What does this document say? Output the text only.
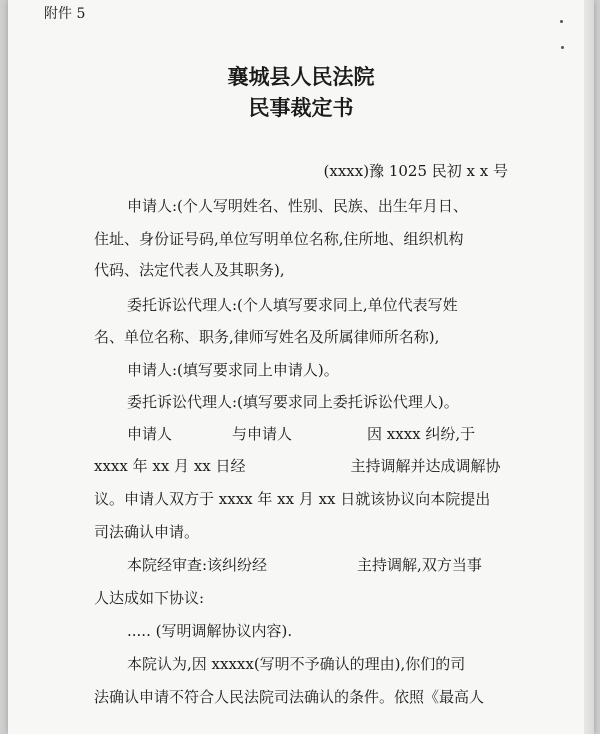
附件 5
襄城县人民法院
民事裁定书
(xxxx)豫 1025 民初 x x 号
申请人:(个人写明姓名、性别、民族、出生年月日、
住址、身份证号码,单位写明单位名称,住所地、组织机构
代码、法定代表人及其职务),
委托诉讼代理人:(个人填写要求同上,单位代表写姓
名、单位名称、职务,律师写姓名及所属律师所名称),
申请人:(填写要求同上申请人)。
委托诉讼代理人:(填写要求同上委托诉讼代理人)。
申请人　　　　与申请人　　　　　因 xxxx 纠纷,于
xxxx 年 xx 月 xx 日经　　　　　　　主持调解并达成调解协
议。申请人双方于 xxxx 年 xx 月 xx 日就该协议向本院提出
司法确认申请。
本院经审查:该纠纷经　　　　　　主持调解,双方当事
人达成如下协议:
..... (写明调解协议内容).
本院认为,因 xxxxx(写明不予确认的理由),你们的司
法确认申请不符合人民法院司法确认的条件。依照《最高人
